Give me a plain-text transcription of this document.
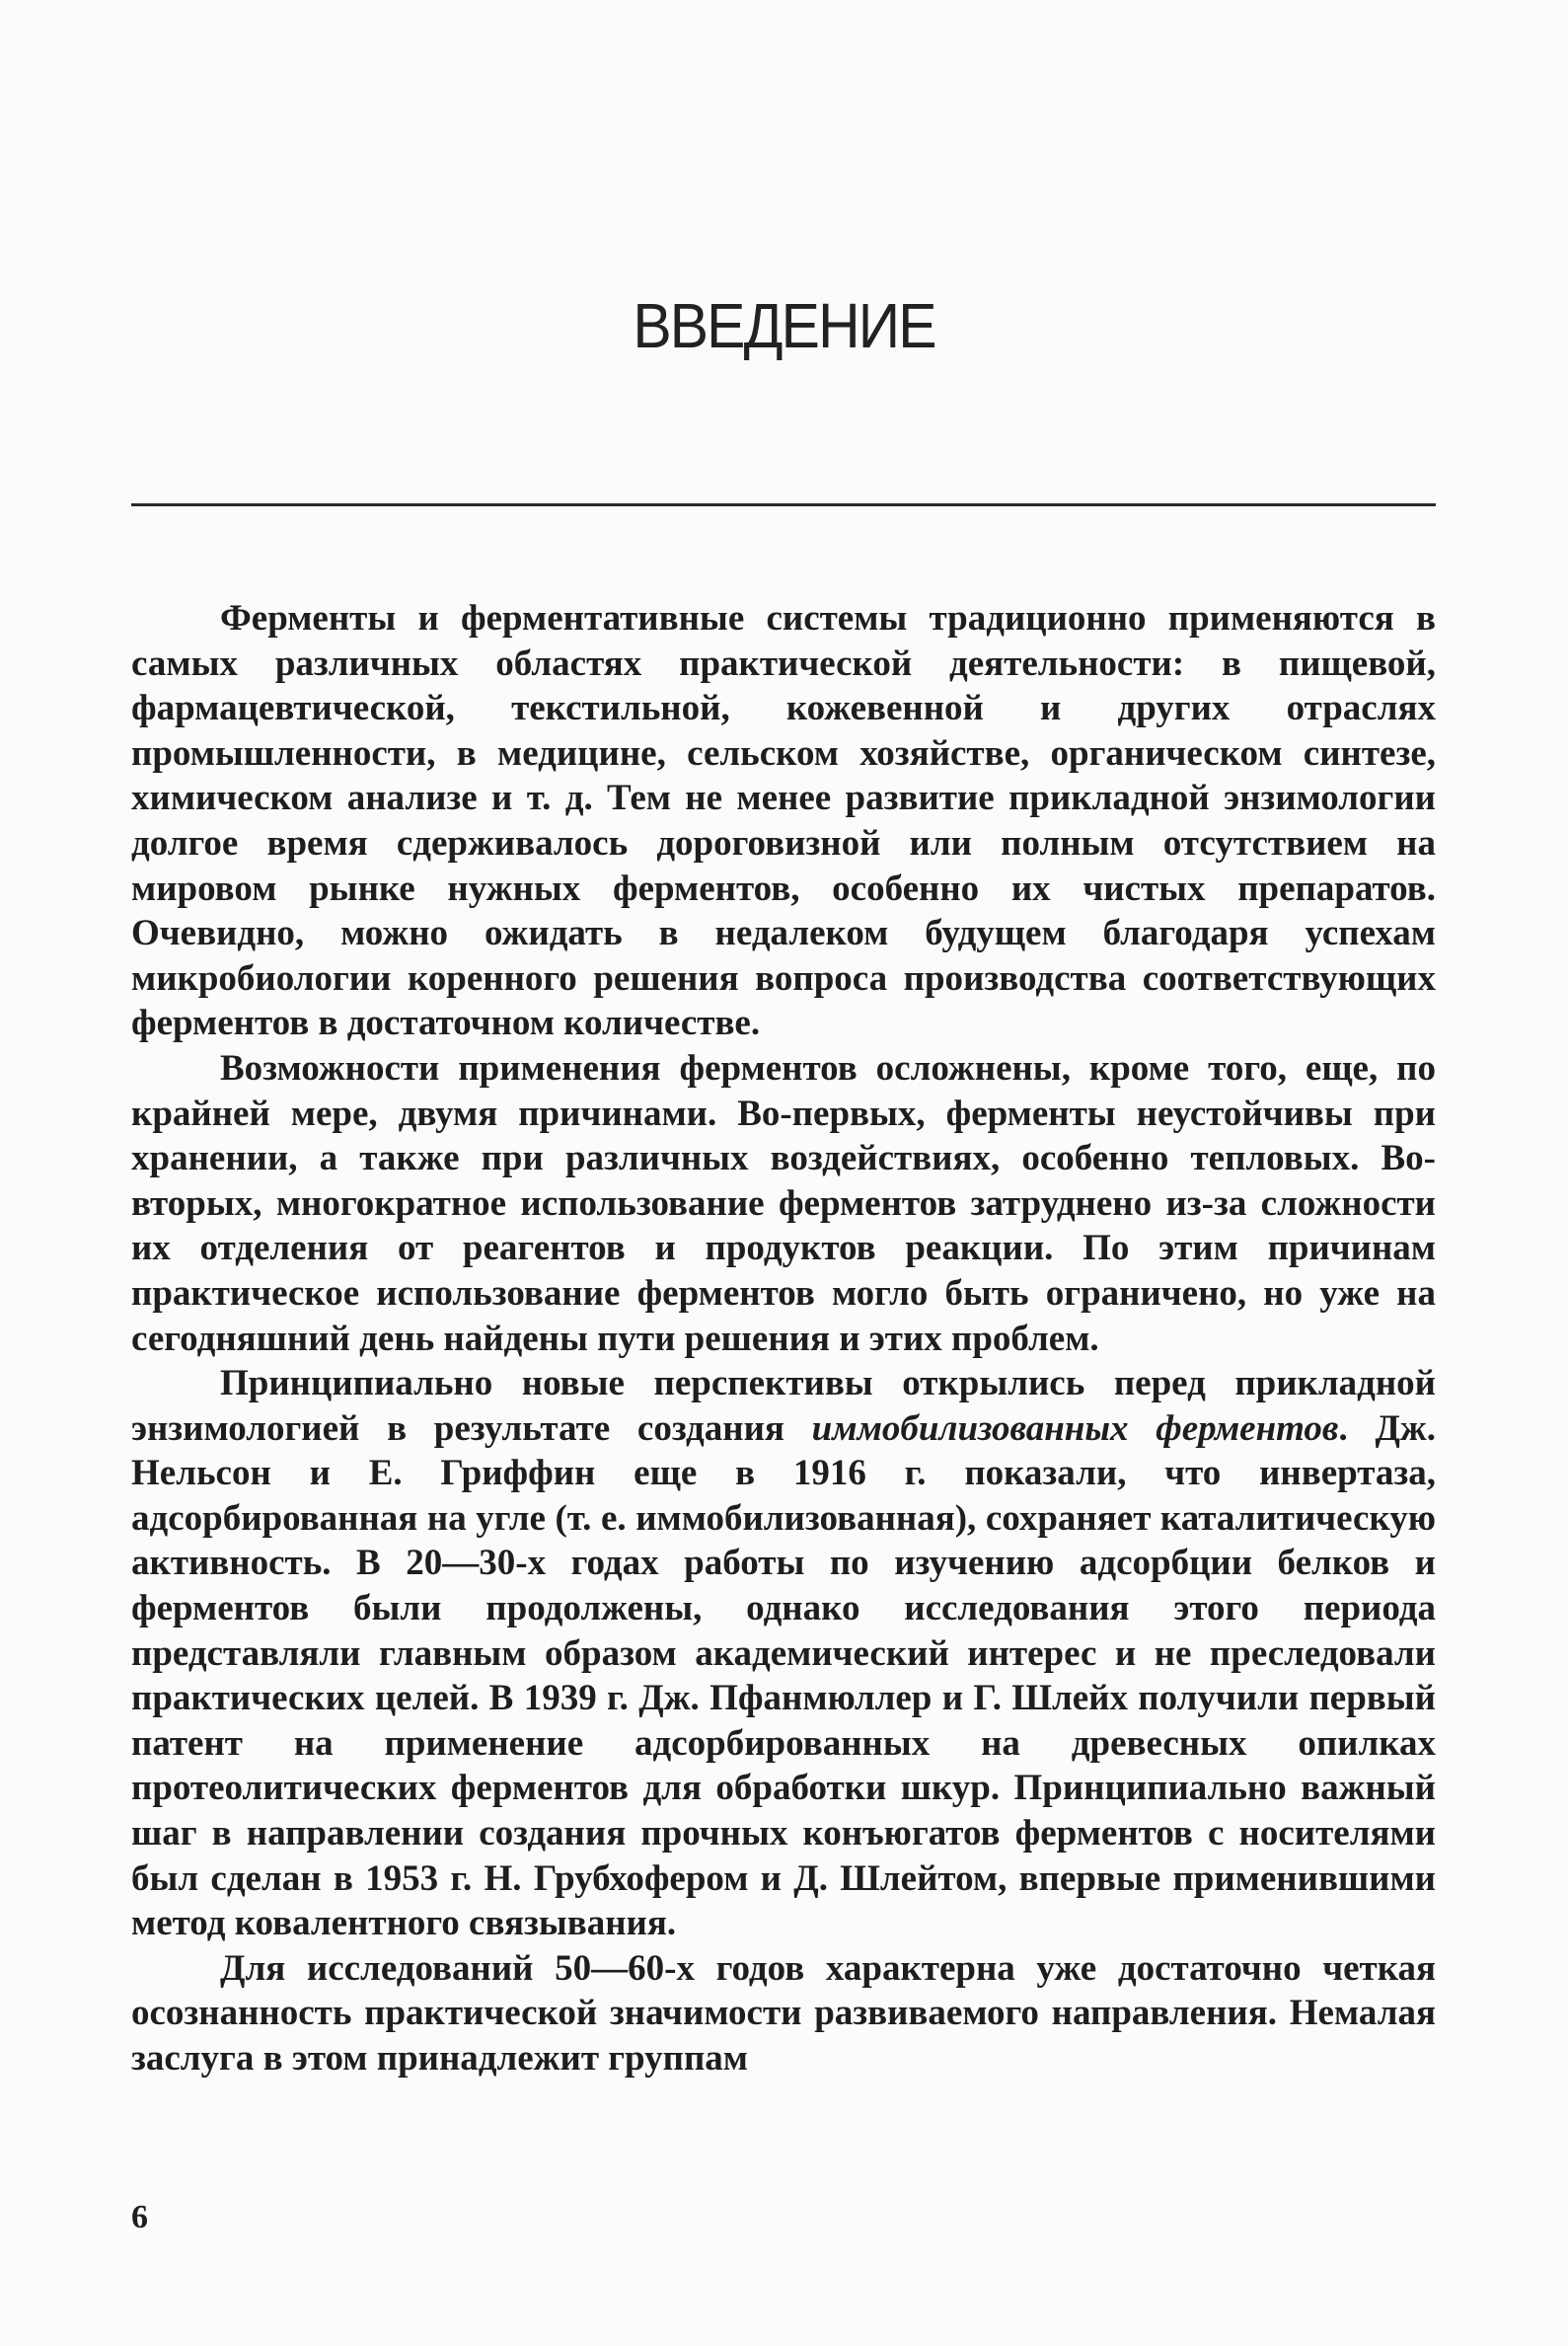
ВВЕДЕНИЕ

Ферменты и ферментативные системы традиционно применяются в самых различных областях практической деятельности: в пищевой, фармацевтической, текстильной, кожевенной и других отраслях промышленности, в медицине, сельском хозяйстве, органическом синтезе, химическом анализе и т. д. Тем не менее развитие прикладной энзимологии долгое время сдерживалось дороговизной или полным отсутствием на мировом рынке нужных ферментов, особенно их чистых препаратов. Очевидно, можно ожидать в недалеком будущем благодаря успехам микробиологии коренного решения вопроса производства соответствующих ферментов в достаточном количестве.

Возможности применения ферментов осложнены, кроме того, еще, по крайней мере, двумя причинами. Во-первых, ферменты неустойчивы при хранении, а также при различных воздействиях, особенно тепловых. Во-вторых, многократное использование ферментов затруднено из-за сложности их отделения от реагентов и продуктов реакции. По этим причинам практическое использование ферментов могло быть ограничено, но уже на сегодняшний день найдены пути решения и этих проблем.

Принципиально новые перспективы открылись перед прикладной энзимологией в результате создания иммобилизованных ферментов. Дж. Нельсон и Е. Гриффин еще в 1916 г. показали, что инвертаза, адсорбированная на угле (т. е. иммобилизованная), сохраняет каталитическую активность. В 20—30-х годах работы по изучению адсорбции белков и ферментов были продолжены, однако исследования этого периода представляли главным образом академический интерес и не преследовали практических целей. В 1939 г. Дж. Пфанмюллер и Г. Шлейх получили первый патент на применение адсорбированных на древесных опилках протеолитических ферментов для обработки шкур. Принципиально важный шаг в направлении создания прочных конъюгатов ферментов с носителями был сделан в 1953 г. Н. Грубхофером и Д. Шлейтом, впервые применившими метод ковалентного связывания.

Для исследований 50—60-х годов характерна уже достаточно четкая осознанность практической значимости развиваемого направления. Немалая заслуга в этом принадлежит группам

6
